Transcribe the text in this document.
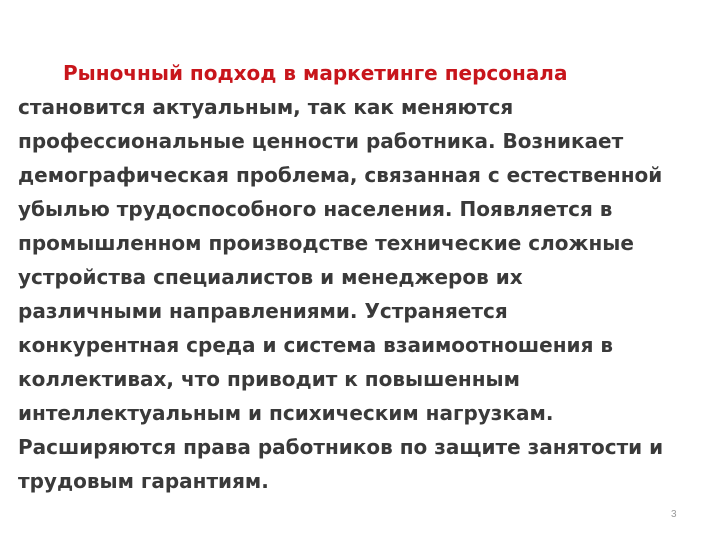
Рыночный подход в маркетинге персонала
становится актуальным, так как меняются
профессиональные ценности работника. Возникает
демографическая проблема, связанная с естественной
убылью трудоспособного населения. Появляется в
промышленном производстве технические сложные
устройства специалистов и менеджеров их
различными направлениями. Устраняется
конкурентная среда и система взаимоотношения в
коллективах, что приводит к повышенным
интеллектуальным и психическим нагрузкам.
Расширяются права работников по защите занятости и
трудовым гарантиям.
3
